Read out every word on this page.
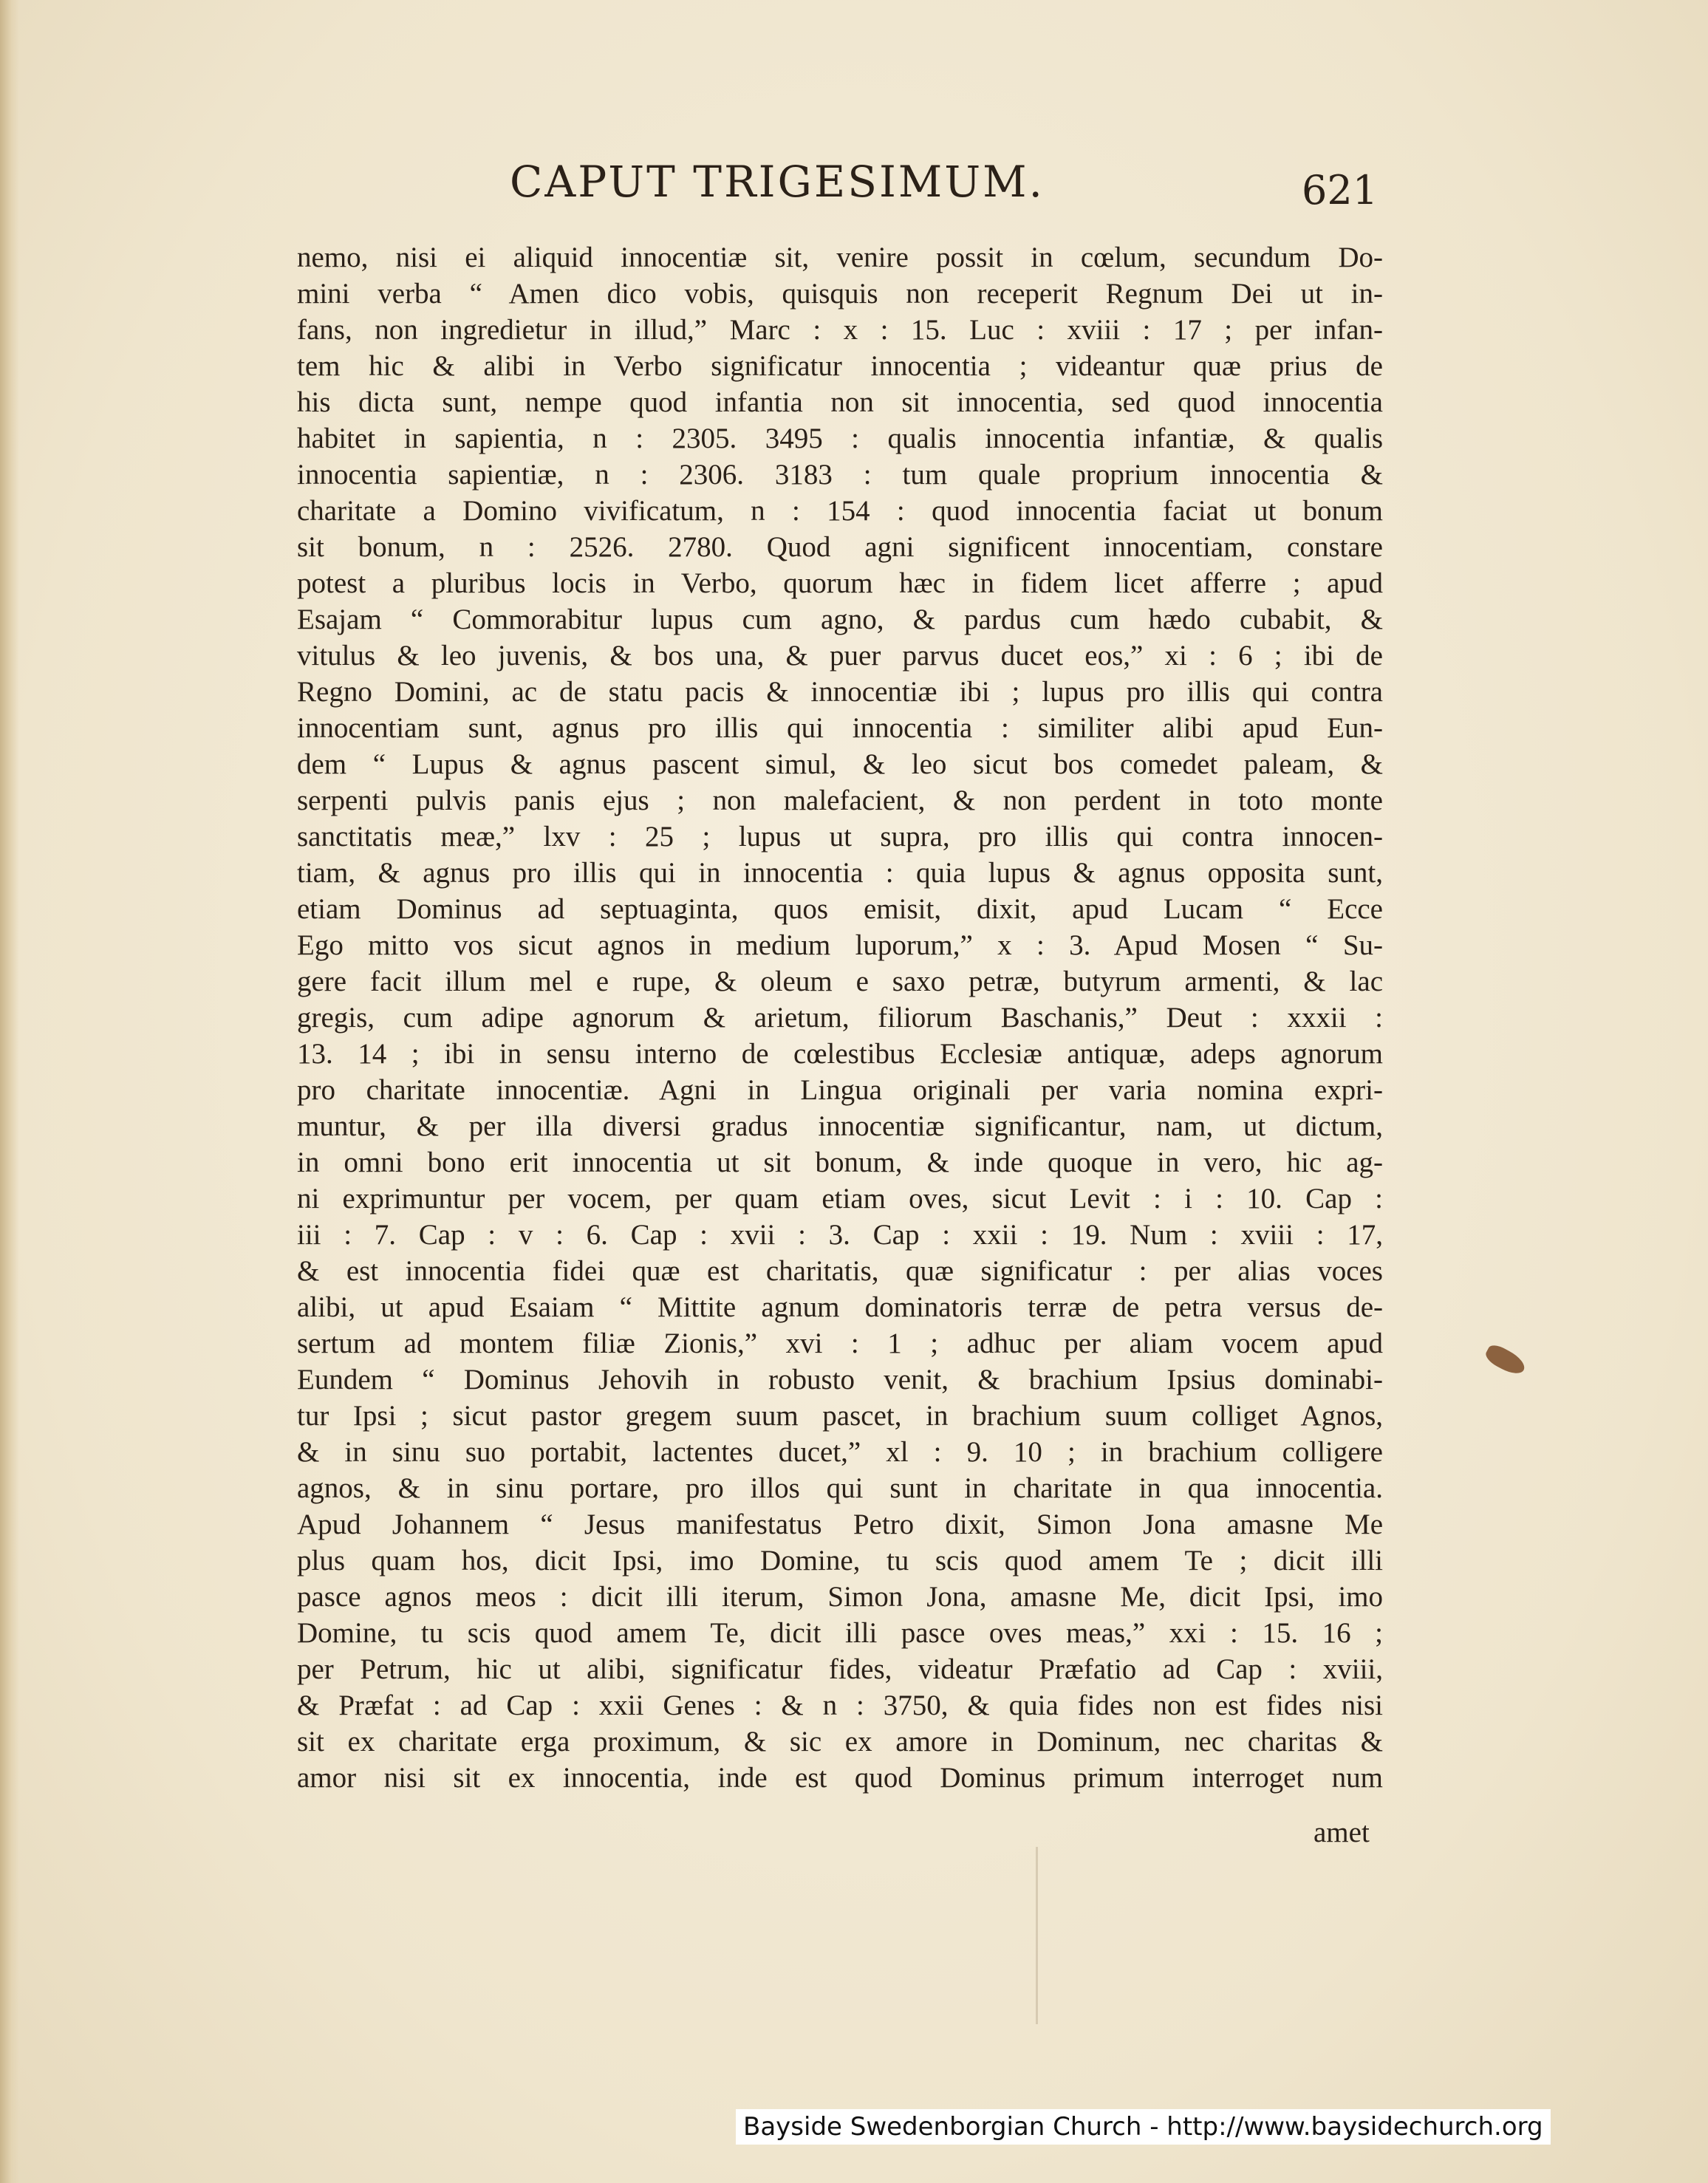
CAPUT TRIGESIMUM.	621
nemo, nisi ei aliquid innocentiæ sit, venire possit in cœlum, secundum Do-
mini verba “ Amen dico vobis, quisquis non receperit Regnum Dei ut in-
fans, non ingredietur in illud,” Marc : x : 15. Luc : xviii : 17 ; per infan-
tem hic & alibi in Verbo significatur innocentia ; videantur quæ prius de
his dicta sunt, nempe quod infantia non sit innocentia, sed quod innocentia
habitet in sapientia, n : 2305. 3495 : qualis innocentia infantiæ, & qualis
innocentia sapientiæ, n : 2306. 3183 : tum quale proprium innocentia &
charitate a Domino vivificatum, n : 154 : quod innocentia faciat ut bonum
sit bonum, n : 2526. 2780. Quod agni significent innocentiam, constare
potest a pluribus locis in Verbo, quorum hæc in fidem licet afferre ; apud
Esajam “ Commorabitur lupus cum agno, & pardus cum hædo cubabit, &
vitulus & leo juvenis, & bos una, & puer parvus ducet eos,” xi : 6 ; ibi de
Regno Domini, ac de statu pacis & innocentiæ ibi ; lupus pro illis qui contra
innocentiam sunt, agnus pro illis qui innocentia : similiter alibi apud Eun-
dem “ Lupus & agnus pascent simul, & leo sicut bos comedet paleam, &
serpenti pulvis panis ejus ; non malefacient, & non perdent in toto monte
sanctitatis meæ,” lxv : 25 ; lupus ut supra, pro illis qui contra innocen-
tiam, & agnus pro illis qui in innocentia : quia lupus & agnus opposita sunt,
etiam Dominus ad septuaginta, quos emisit, dixit, apud Lucam “ Ecce
Ego mitto vos sicut agnos in medium luporum,” x : 3. Apud Mosen “ Su-
gere facit illum mel e rupe, & oleum e saxo petræ, butyrum armenti, & lac
gregis, cum adipe agnorum & arietum, filiorum Baschanis,” Deut : xxxii :
13. 14 ; ibi in sensu interno de cœlestibus Ecclesiæ antiquæ, adeps agnorum
pro charitate innocentiæ. Agni in Lingua originali per varia nomina expri-
muntur, & per illa diversi gradus innocentiæ significantur, nam, ut dictum,
in omni bono erit innocentia ut sit bonum, & inde quoque in vero, hic ag-
ni exprimuntur per vocem, per quam etiam oves, sicut Levit : i : 10. Cap :
iii : 7. Cap : v : 6. Cap : xvii : 3. Cap : xxii : 19. Num : xviii : 17,
& est innocentia fidei quæ est charitatis, quæ significatur : per alias voces
alibi, ut apud Esaiam “ Mittite agnum dominatoris terræ de petra versus de-
sertum ad montem filiæ Zionis,” xvi : 1 ; adhuc per aliam vocem apud
Eundem “ Dominus Jehovih in robusto venit, & brachium Ipsius dominabi-
tur Ipsi ; sicut pastor gregem suum pascet, in brachium suum colliget Agnos,
& in sinu suo portabit, lactentes ducet,” xl : 9. 10 ; in brachium colligere
agnos, & in sinu portare, pro illos qui sunt in charitate in qua innocentia.
Apud Johannem “ Jesus manifestatus Petro dixit, Simon Jona amasne Me
plus quam hos, dicit Ipsi, imo Domine, tu scis quod amem Te ; dicit illi
pasce agnos meos : dicit illi iterum, Simon Jona, amasne Me, dicit Ipsi, imo
Domine, tu scis quod amem Te, dicit illi pasce oves meas,” xxi : 15. 16 ;
per Petrum, hic ut alibi, significatur fides, videatur Præfatio ad Cap : xviii,
& Præfat : ad Cap : xxii Genes : & n : 3750, & quia fides non est fides nisi
sit ex charitate erga proximum, & sic ex amore in Dominum, nec charitas &
amor nisi sit ex innocentia, inde est quod Dominus primum interroget num
amet
Bayside Swedenborgian Church - http://www.baysidechurch.org
